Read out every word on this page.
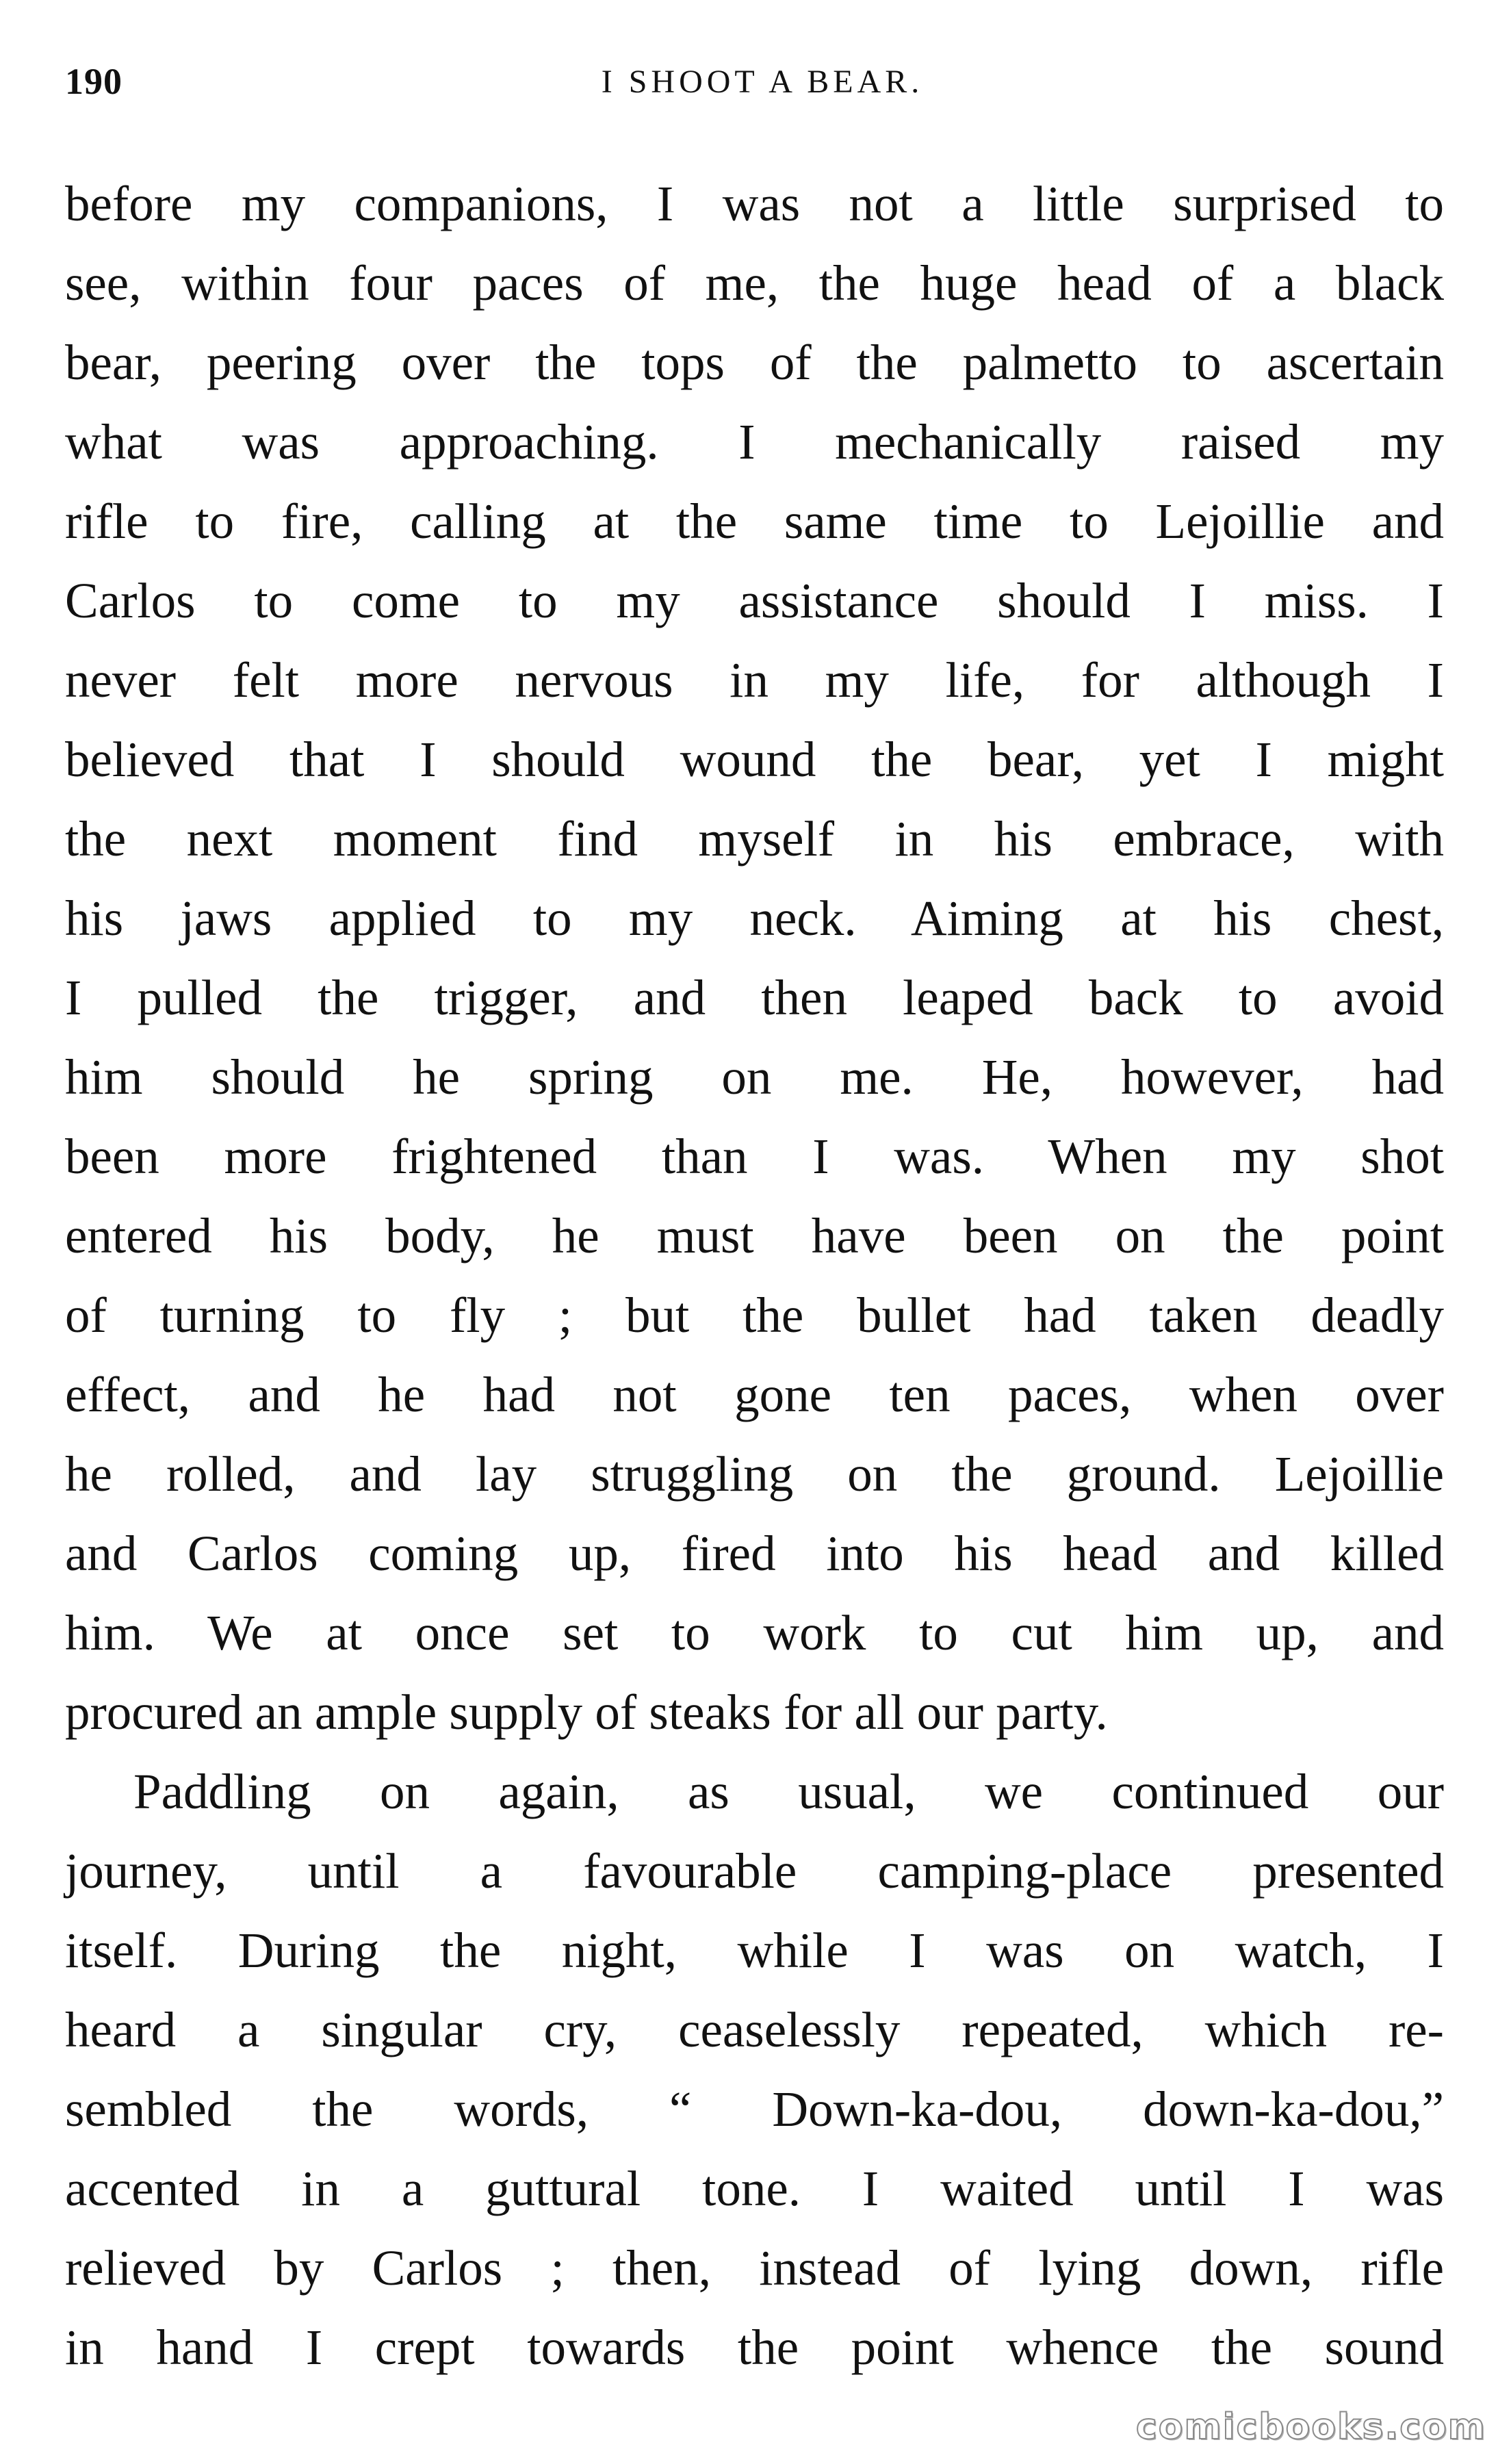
190	I SHOOT A BEAR.
before my companions, I was not a little surprised to
see, within four paces of me, the huge head of a black
bear, peering over the tops of the palmetto to ascertain
what was approaching. I mechanically raised my
rifle to fire, calling at the same time to Lejoillie and
Carlos to come to my assistance should I miss. I
never felt more nervous in my life, for although I
believed that I should wound the bear, yet I might
the next moment find myself in his embrace, with
his jaws applied to my neck. Aiming at his chest,
I pulled the trigger, and then leaped back to avoid
him should he spring on me. He, however, had
been more frightened than I was. When my shot
entered his body, he must have been on the point
of turning to fly ; but the bullet had taken deadly
effect, and he had not gone ten paces, when over
he rolled, and lay struggling on the ground. Lejoillie
and Carlos coming up, fired into his head and killed
him. We at once set to work to cut him up, and
procured an ample supply of steaks for all our party.
Paddling on again, as usual, we continued our
journey, until a favourable camping-place presented
itself. During the night, while I was on watch, I
heard a singular cry, ceaselessly repeated, which re-
sembled the words, “ Down-ka-dou, down-ka-dou,”
accented in a guttural tone. I waited until I was
relieved by Carlos ; then, instead of lying down, rifle
in hand I crept towards the point whence the sound
comicbooks.com
